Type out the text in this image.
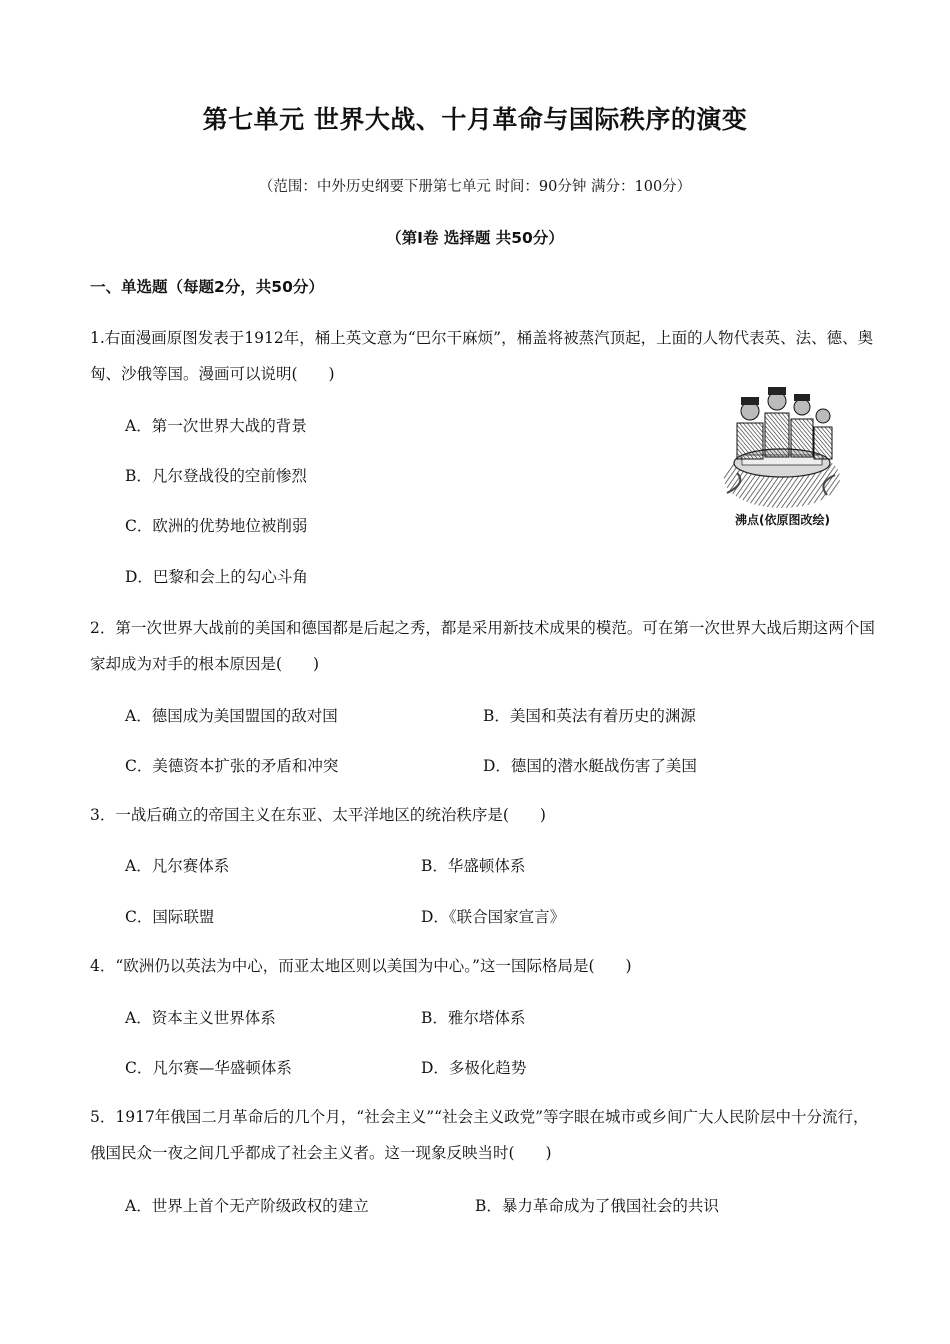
第七单元 世界大战、十月革命与国际秩序的演变
（范围：中外历史纲要下册第七单元 时间：90分钟 满分：100分）
（第Ⅰ卷 选择题 共50分）
一、单选题（每题2分，共50分）
1.右面漫画原图发表于1912年，桶上英文意为“巴尔干麻烦”，桶盖将被蒸汽顶起，上面的人物代表英、法、德、奥匈、沙俄等国。漫画可以说明(　　)
A．第一次世界大战的背景
B．凡尔登战役的空前惨烈
C．欧洲的优势地位被削弱
D．巴黎和会上的勾心斗角
沸点(依原图改绘)
2．第一次世界大战前的美国和德国都是后起之秀，都是采用新技术成果的模范。可在第一次世界大战后期这两个国家却成为对手的根本原因是(　　)
A．德国成为美国盟国的敌对国	B．美国和英法有着历史的渊源
C．美德资本扩张的矛盾和冲突	D．德国的潜水艇战伤害了美国
3．一战后确立的帝国主义在东亚、太平洋地区的统治秩序是(　　)
A．凡尔赛体系	B．华盛顿体系
C．国际联盟	D．《联合国家宣言》
4．“欧洲仍以英法为中心，而亚太地区则以美国为中心。”这一国际格局是(　　)
A．资本主义世界体系	B．雅尔塔体系
C．凡尔赛—华盛顿体系	D．多极化趋势
5．1917年俄国二月革命后的几个月，“社会主义”“社会主义政党”等字眼在城市或乡间广大人民阶层中十分流行，俄国民众一夜之间几乎都成了社会主义者。这一现象反映当时(　　)
A．世界上首个无产阶级政权的建立	B．暴力革命成为了俄国社会的共识
